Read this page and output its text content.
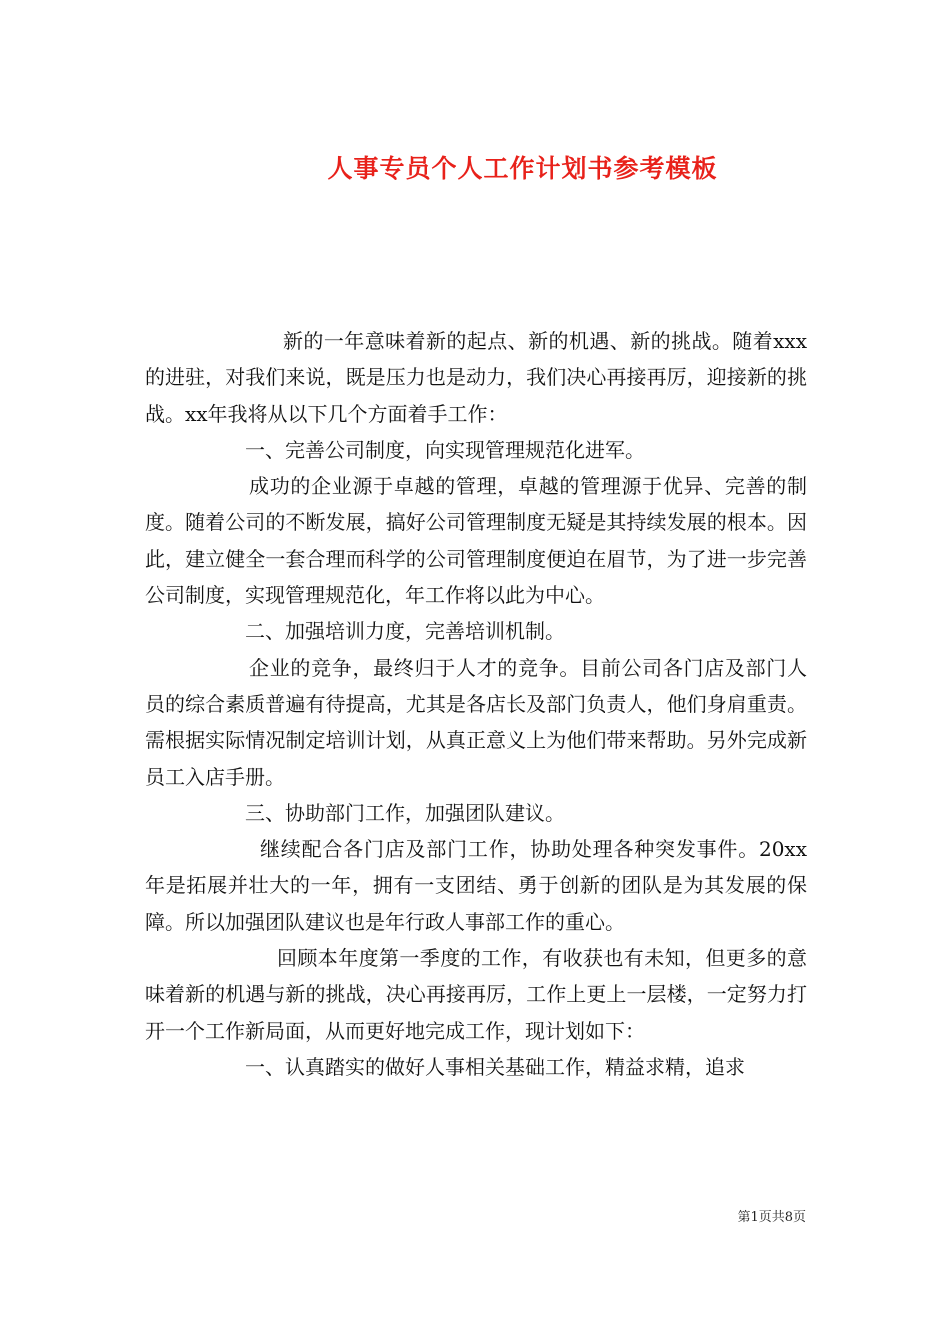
人事专员个人工作计划书参考模板

新的一年意味着新的起点、新的机遇、新的挑战。随着xxx的进驻，对我们来说，既是压力也是动力，我们决心再接再厉，迎接新的挑战。xx年我将从以下几个方面着手工作：

一、完善公司制度，向实现管理规范化进军。

成功的企业源于卓越的管理，卓越的管理源于优异、完善的制度。随着公司的不断发展，搞好公司管理制度无疑是其持续发展的根本。因此，建立健全一套合理而科学的公司管理制度便迫在眉节，为了进一步完善公司制度，实现管理规范化，年工作将以此为中心。

二、加强培训力度，完善培训机制。

企业的竞争，最终归于人才的竞争。目前公司各门店及部门人员的综合素质普遍有待提高，尤其是各店长及部门负责人，他们身肩重责。需根据实际情况制定培训计划，从真正意义上为他们带来帮助。另外完成新员工入店手册。

三、协助部门工作，加强团队建议。

继续配合各门店及部门工作，协助处理各种突发事件。20xx年是拓展并壮大的一年，拥有一支团结、勇于创新的团队是为其发展的保障。所以加强团队建议也是年行政人事部工作的重心。

回顾本年度第一季度的工作，有收获也有未知，但更多的意味着新的机遇与新的挑战，决心再接再厉，工作上更上一层楼，一定努力打开一个工作新局面，从而更好地完成工作，现计划如下：

一、认真踏实的做好人事相关基础工作，精益求精，追求

第1页共8页
